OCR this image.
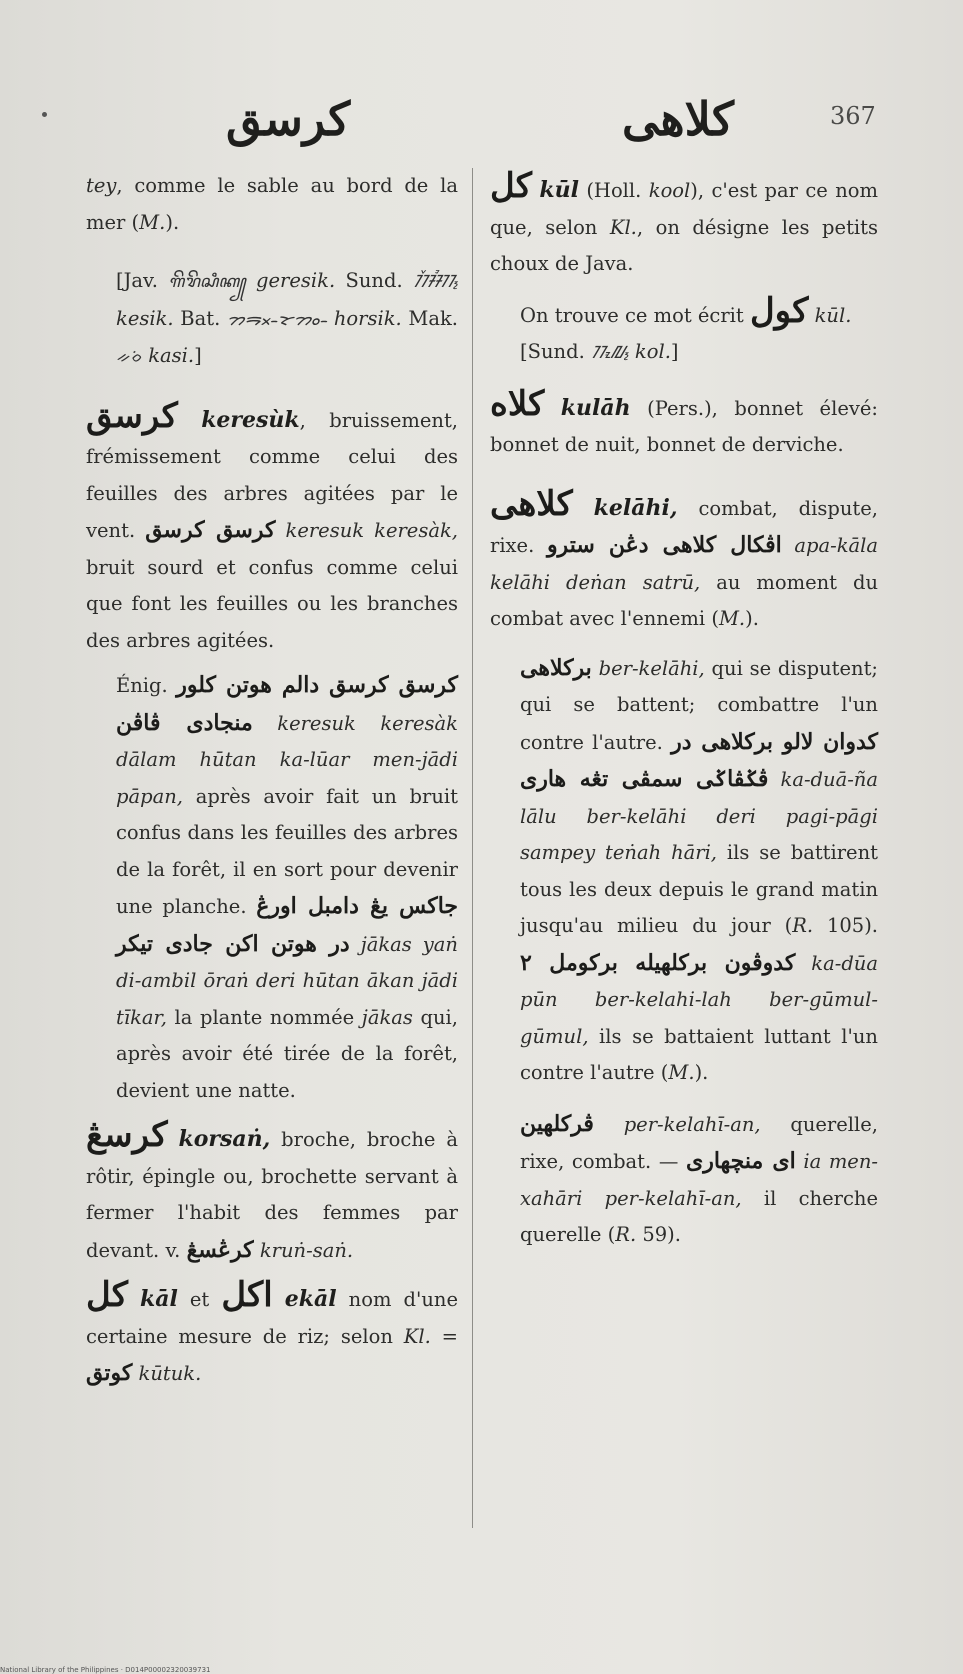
كرسق	كلاهى	367

tey, comme le sable au bord de la mer (M.).

[Jav. ꦒꦼꦫꦼꦱꦶꦏ꧀ geresik. Sund. ᮊᮨᮞᮤᮊ᮪ kesik. Bat. ᯂᯬᯒ᯳ᯘᯪᯂ᯳ horsik. Mak. ᨀᨔᨗ kasi.]

كرسق keresùk, bruissement, frémissement comme celui des feuilles des arbres agitées par le vent. كرسق كرسق keresuk keresàk, bruit sourd et confus comme celui que font les feuilles ou les branches des arbres agitées.

Énig. كرسق كرسق دالم هوتن كلور منجادى ڤاڤن keresuk keresàk dālam hūtan ka-lūar men-jādi pāpan, après avoir fait un bruit confus dans les feuilles des arbres de la forêt, il en sort pour devenir une planche. جاكس يڠ دامبل اورڠ در هوتن اكن جادى تيكر jākas yaṅ di-ambil ōraṅ deri hūtan ākan jādi tīkar, la plante nommée jākas qui, après avoir été tirée de la forêt, devient une natte.

كرسڠ korsaṅ, broche, broche à rôtir, épingle ou, brochette servant à fermer l'habit des femmes par devant. v. كرڠسڠ kruṅ-saṅ.

كل kāl et اكل ekāl nom d'une certaine mesure de riz; selon Kl. = كوتق kūtuk.

كل kūl (Holl. kool), c'est par ce nom que, selon Kl., on désigne les petits choux de Java.

On trouve ce mot écrit كول kūl.

[Sund. ᮊᮧᮜ᮪ kol.]

كلاه kulāh (Pers.), bonnet élevé: bonnet de nuit, bonnet de derviche.

كلاهى kelāhi, combat, dispute, rixe. اڤكال كلاهى دڠن سترو apa-kāla kelāhi deṅan satrū, au moment du combat avec l'ennemi (M.).

بركلاهى ber-kelāhi, qui se disputent; qui se battent; combattre l'un contre l'autre. كدوان لالو بركلاهى در ڤݢڤاݢى سمڤى تڠه هارى ka-duā-ña lālu ber-kelāhi deri pagi-pāgi sampey teṅah hāri, ils se battirent tous les deux depuis le grand matin jusqu'au milieu du jour (R. 105). كدوڤون بركلهيله بركومل ٢ ka-dūa pūn ber-kelahi-lah ber-gūmul-gūmul, ils se battaient luttant l'un contre l'autre (M.).

ڤركلهين per-kelahī-an, querelle, rixe, combat. — اى منچهارى ia men-xahāri per-kelahī-an, il cherche querelle (R. 59).

National Library of the Philippines · D014P00002320039731
